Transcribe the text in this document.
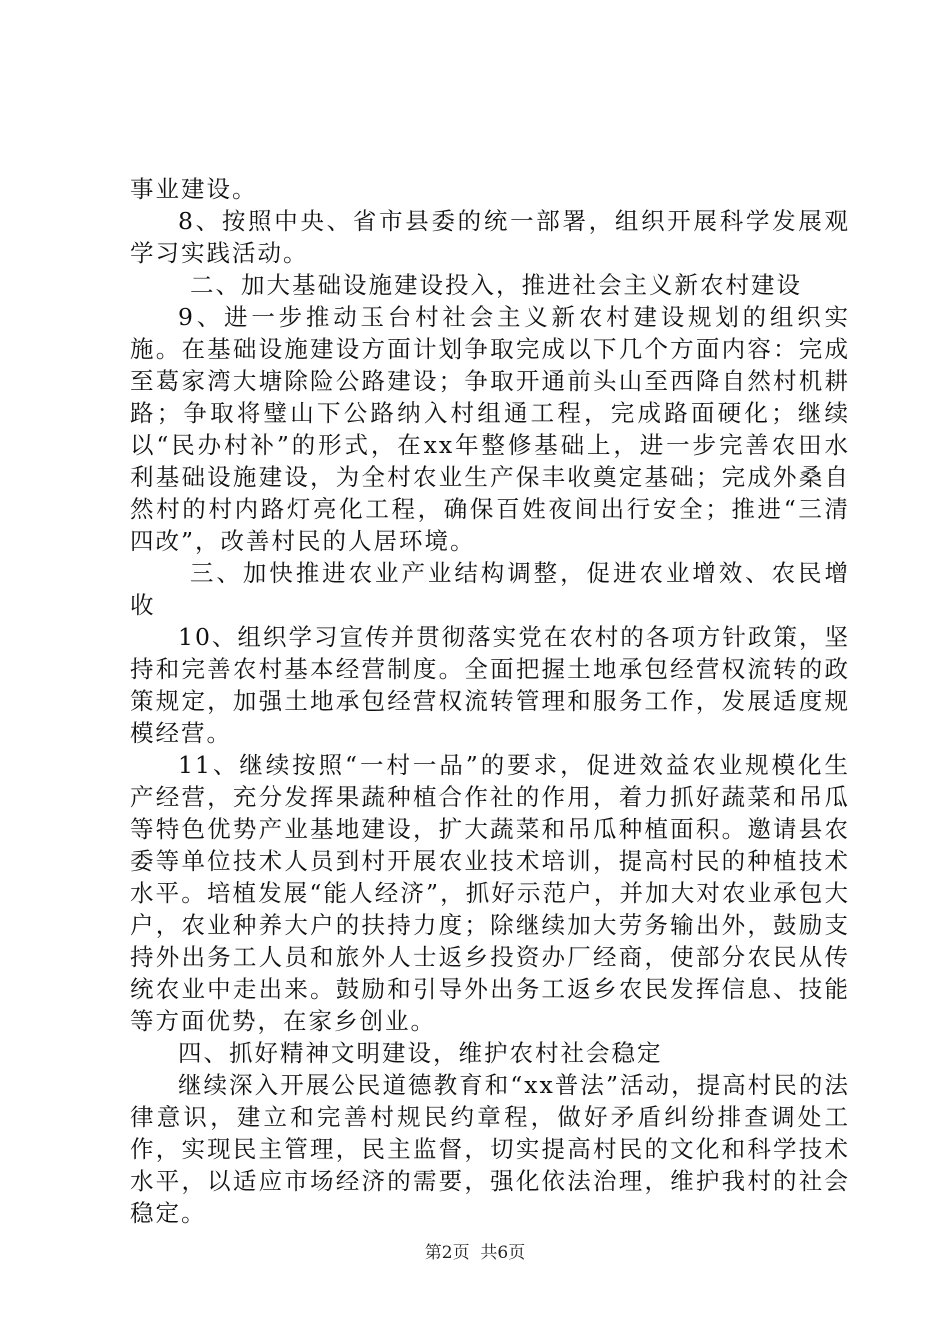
事业建设。

8、按照中央、省市县委的统一部署，组织开展科学发展观学习实践活动。

二、加大基础设施建设投入，推进社会主义新农村建设

9、进一步推动玉台村社会主义新农村建设规划的组织实施。在基础设施建设方面计划争取完成以下几个方面内容：完成至葛家湾大塘除险公路建设；争取开通前头山至西降自然村机耕路；争取将璧山下公路纳入村组通工程，完成路面硬化；继续以“民办村补”的形式，在xx年整修基础上，进一步完善农田水利基础设施建设，为全村农业生产保丰收奠定基础；完成外桑自然村的村内路灯亮化工程，确保百姓夜间出行安全；推进“三清四改”，改善村民的人居环境。

三、加快推进农业产业结构调整，促进农业增效、农民增收

10、组织学习宣传并贯彻落实党在农村的各项方针政策，坚持和完善农村基本经营制度。全面把握土地承包经营权流转的政策规定，加强土地承包经营权流转管理和服务工作，发展适度规模经营。

11、继续按照“一村一品”的要求，促进效益农业规模化生产经营，充分发挥果蔬种植合作社的作用，着力抓好蔬菜和吊瓜等特色优势产业基地建设，扩大蔬菜和吊瓜种植面积。邀请县农委等单位技术人员到村开展农业技术培训，提高村民的种植技术水平。培植发展“能人经济”，抓好示范户，并加大对农业承包大户，农业种养大户的扶持力度；除继续加大劳务输出外，鼓励支持外出务工人员和旅外人士返乡投资办厂经商，使部分农民从传统农业中走出来。鼓励和引导外出务工返乡农民发挥信息、技能等方面优势，在家乡创业。

四、抓好精神文明建设，维护农村社会稳定

继续深入开展公民道德教育和“xx普法”活动，提高村民的法律意识，建立和完善村规民约章程，做好矛盾纠纷排查调处工作，实现民主管理，民主监督，切实提高村民的文化和科学技术水平，以适应市场经济的需要，强化依法治理，维护我村的社会稳定。

第2页  共6页
